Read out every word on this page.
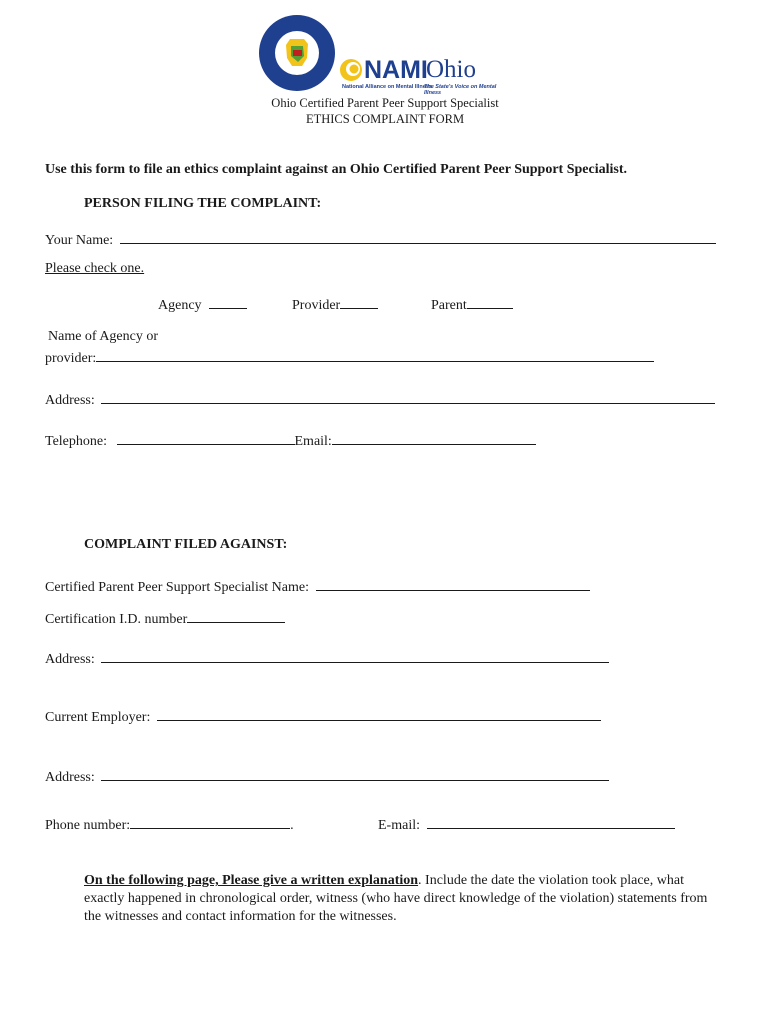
NAMI
Ohio
National Alliance on Mental Illness
The State's Voice on Mental Illness
Ohio Certified Parent Peer Support Specialist
ETHICS COMPLAINT FORM
Use this form to file an ethics complaint against an Ohio Certified Parent Peer Support Specialist.
PERSON FILING THE COMPLAINT:
Your Name:
Please check one.
Agency	Provider	Parent
Name of Agency or
provider:
Address:
Telephone:	Email:
COMPLAINT FILED AGAINST:
Certified Parent Peer Support Specialist Name:
Certification I.D. number
Address:
Current Employer:
Address:
Phone number:	.	E-mail:
On the following page, Please give a written explanation. Include the date the violation took place, what exactly happened in chronological order, witness (who have direct knowledge of the violation) statements from the witnesses and contact information for the witnesses.
